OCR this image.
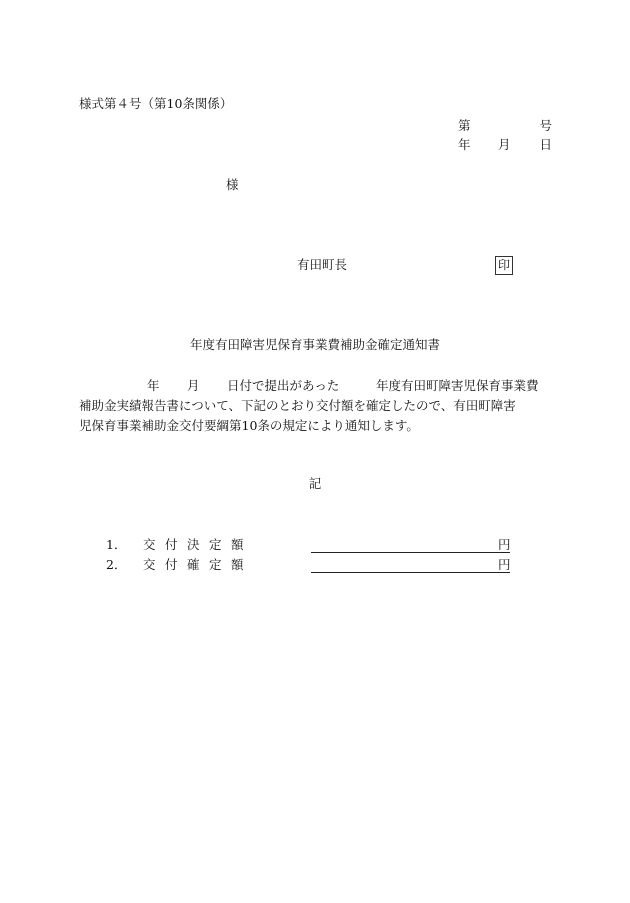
様式第４号（第10条関係）
第	号
年 月 日
様
有田町長	印
年度有田障害児保育事業費補助金確定通知書
年 月 日付で提出があった	年度有田町障害児保育事業費
補助金実績報告書について、下記のとおり交付額を確定したので、有田町障害
児保育事業補助金交付要綱第10条の規定により通知します。
記
1． 交付決定額	円
2． 交付確定額	円
